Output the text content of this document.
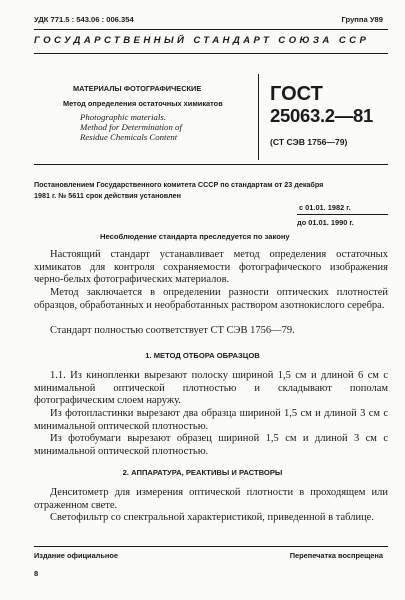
УДК 771.5 : 543.06 : 006.354	Группа У89
ГОСУДАРСТВЕННЫЙ СТАНДАРТ СОЮЗА ССР
МАТЕРИАЛЫ ФОТОГРАФИЧЕСКИЕ
Метод определения остаточных химикатов
Photographic materials.
Method for Determination of
Residue Chemicals Content
ГОСТ
25063.2—81
(СТ СЭВ 1756—79)
Постановлением Государственного комитета СССР по стандартам от 23 декабря
1981 г. № 5611 срок действия установлен
с 01.01. 1982 г.
до 01.01. 1990 г.
Несоблюдение стандарта преследуется по закону

Настоящий стандарт устанавливает метод определения остаточных химикатов для контроля сохраняемости фотографического изображения черно-белых фотографических материалов.

Метод заключается в определении разности оптических плотностей образцов, обработанных и необработанных раствором азотнокислого серебра.

Стандарт полностью соответствует СТ СЭВ 1756—79.

1. МЕТОД ОТБОРА ОБРАЗЦОВ

1.1. Из кинопленки вырезают полоску шириной 1,5 см и длиной 6 см с минимальной оптической плотностью и складывают пополам фотографическим слоем наружу.

Из фотопластинки вырезают два образца шириной 1,5 см и длиной 3 см с минимальной оптической плотностью.

Из фотобумаги вырезают образец шириной 1,5 см и длиной 3 см с минимальной оптической плотностью.

2. АППАРАТУРА, РЕАКТИВЫ И РАСТВОРЫ

Денситометр для измерения оптической плотности в проходящем или отраженном свете.

Светофильтр со спектральной характеристикой, приведенной в таблице.

Издание официальное	Перепечатка воспрещена
8
